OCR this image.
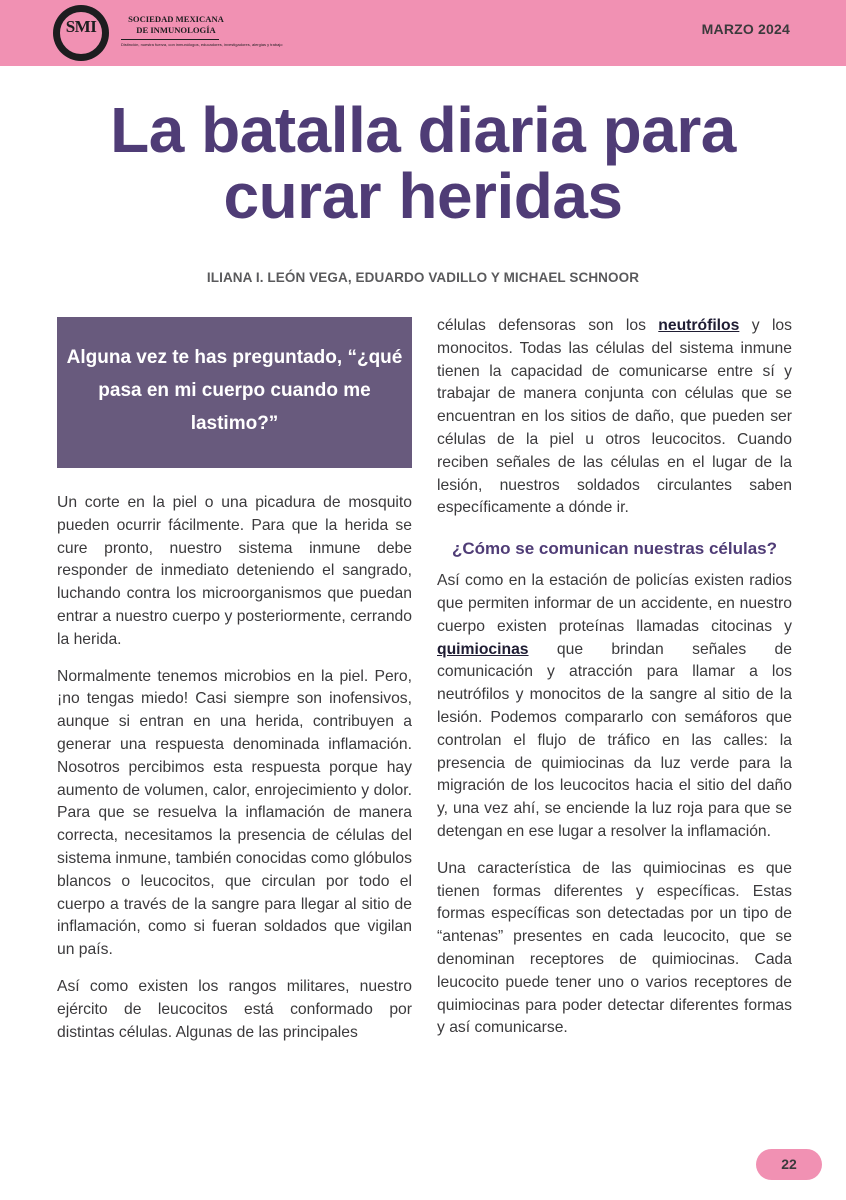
SMI	SOCIEDAD MEXICANA
DE INMUNOLOGÍA
Distinción, nuestra fuerza, con inmunólogos, educadores, investigadores, alergias y trabajo
MARZO 2024
La batalla diaria para curar heridas
ILIANA I. LEÓN VEGA, EDUARDO VADILLO Y MICHAEL SCHNOOR
Alguna vez te has preguntado, “¿qué pasa en mi cuerpo cuando me lastimo?”

Un corte en la piel o una picadura de mosquito pueden ocurrir fácilmente. Para que la herida se cure pronto, nuestro sistema inmune debe responder de inmediato deteniendo el sangrado, luchando contra los microorganismos que puedan entrar a nuestro cuerpo y posteriormente, cerrando la herida.

Normalmente tenemos microbios en la piel. Pero, ¡no tengas miedo! Casi siempre son inofensivos, aunque si entran en una herida, contribuyen a generar una respuesta denominada inflamación. Nosotros percibimos esta respuesta porque hay aumento de volumen, calor, enrojecimiento y dolor. Para que se resuelva la inflamación de manera correcta, necesitamos la presencia de células del sistema inmune, también conocidas como glóbulos blancos o leucocitos, que circulan por todo el cuerpo a través de la sangre para llegar al sitio de inflamación, como si fueran soldados que vigilan un país.

Así como existen los rangos militares, nuestro ejército de leucocitos está conformado por distintas células. Algunas de las principales

células defensoras son los neutrófilos y los monocitos. Todas las células del sistema inmune tienen la capacidad de comunicarse entre sí y trabajar de manera conjunta con células que se encuentran en los sitios de daño, que pueden ser células de la piel u otros leucocitos. Cuando reciben señales de las células en el lugar de la lesión, nuestros soldados circulantes saben específicamente a dónde ir.

¿Cómo se comunican nuestras células?

Así como en la estación de policías existen radios que permiten informar de un accidente, en nuestro cuerpo existen proteínas llamadas citocinas y quimiocinas que brindan señales de comunicación y atracción para llamar a los neutrófilos y monocitos de la sangre al sitio de la lesión. Podemos compararlo con semáforos que controlan el flujo de tráfico en las calles: la presencia de quimiocinas da luz verde para la migración de los leucocitos hacia el sitio del daño y, una vez ahí, se enciende la luz roja para que se detengan en ese lugar a resolver la inflamación.

Una característica de las quimiocinas es que tienen formas diferentes y específicas. Estas formas específicas son detectadas por un tipo de “antenas” presentes en cada leucocito, que se denominan receptores de quimiocinas. Cada leucocito puede tener uno o varios receptores de quimiocinas para poder detectar diferentes formas y así comunicarse.

22
